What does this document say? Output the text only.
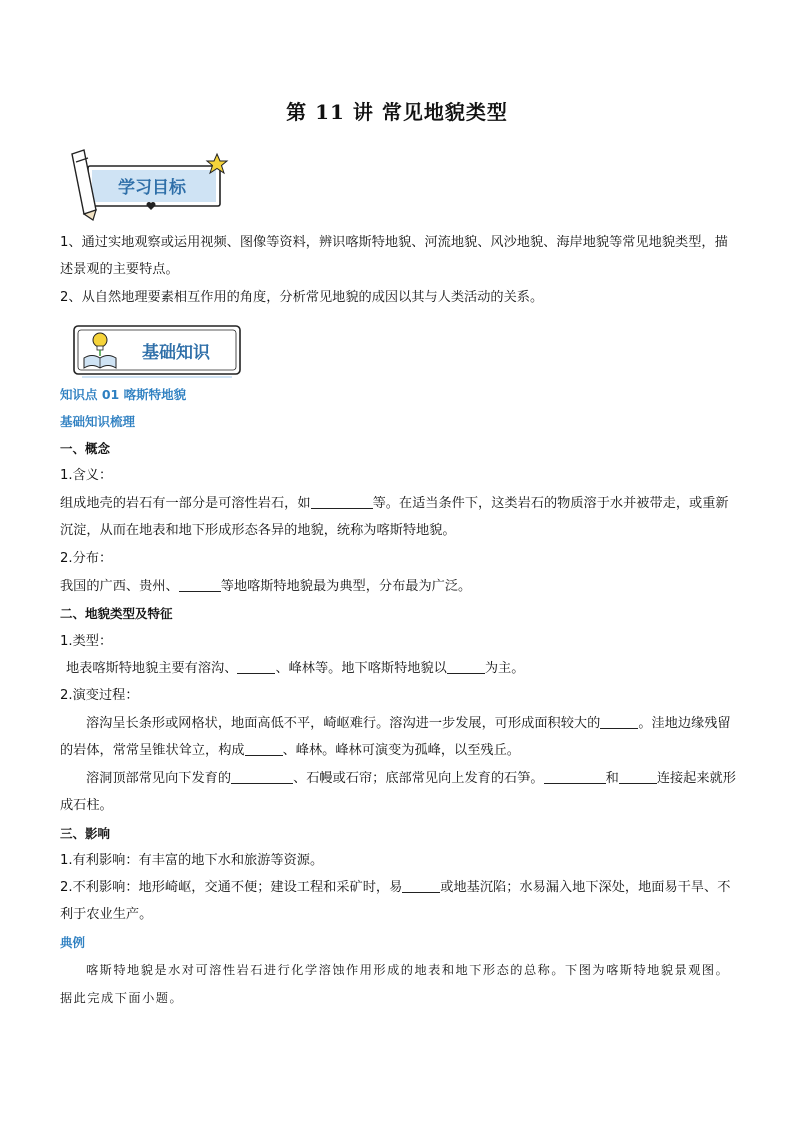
第 11 讲 常见地貌类型
学习目标
1、通过实地观察或运用视频、图像等资料，辨识喀斯特地貌、河流地貌、风沙地貌、海岸地貌等常见地貌类型，描述景观的主要特点。
2、从自然地理要素相互作用的角度，分析常见地貌的成因以其与人类活动的关系。
基础知识
知识点 01 喀斯特地貌
基础知识梳理
一、概念
1.含义：
组成地壳的岩石有一部分是可溶性岩石，如	等。在适当条件下，这类岩石的物质溶于水并被带走，或重新沉淀，从而在地表和地下形成形态各异的地貌，统称为喀斯特地貌。
2.分布：
我国的广西、贵州、	等地喀斯特地貌最为典型，分布最为广泛。
二、地貌类型及特征
1.类型：
地表喀斯特地貌主要有溶沟、	、峰林等。地下喀斯特地貌以	为主。
2.演变过程：
溶沟呈长条形或网格状，地面高低不平，崎岖难行。溶沟进一步发展，可形成面积较大的	。洼地边缘残留的岩体，常常呈锥状耸立，构成	、峰林。峰林可演变为孤峰，以至残丘。
溶洞顶部常见向下发育的	、石幔或石帘；底部常见向上发育的石笋。	和	连接起来就形成石柱。
三、影响
1.有利影响：有丰富的地下水和旅游等资源。
2.不利影响：地形崎岖，交通不便；建设工程和采矿时，易	或地基沉陷；水易漏入地下深处，地面易干旱、不利于农业生产。
典例
喀斯特地貌是水对可溶性岩石进行化学溶蚀作用形成的地表和地下形态的总称。下图为喀斯特地貌景观图。据此完成下面小题。
